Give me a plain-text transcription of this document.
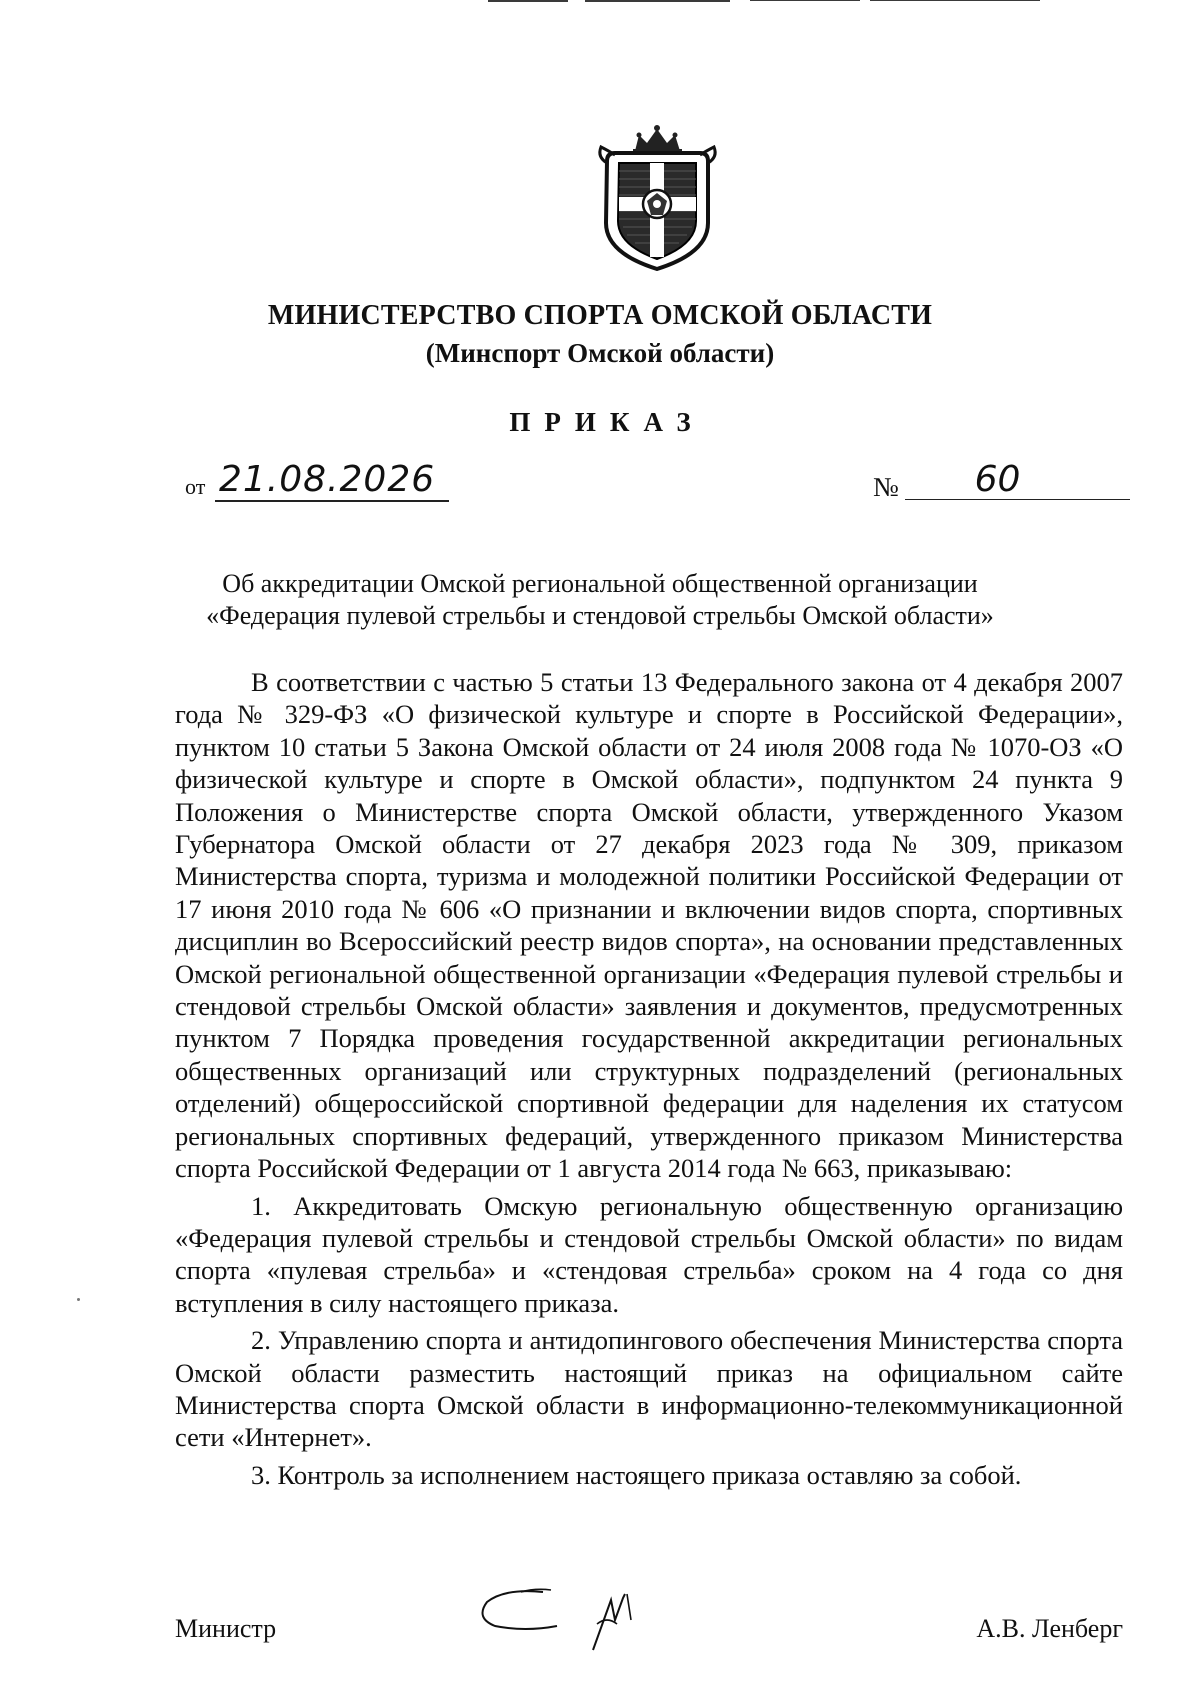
МИНИСТЕРСТВО СПОРТА ОМСКОЙ ОБЛАСТИ
(Минспорт Омской области)
ПРИКАЗ
от 21.08.2026	№	60
Об аккредитации Омской региональной общественной организации
«Федерация пулевой стрельбы и стендовой стрельбы Омской области»

В соответствии с частью 5 статьи 13 Федерального закона от 4 декабря 2007 года № 329-ФЗ «О физической культуре и спорте в Российской Федерации», пунктом 10 статьи 5 Закона Омской области от 24 июля 2008 года № 1070-ОЗ «О физической культуре и спорте в Омской области», подпунктом 24 пункта 9 Положения о Министерстве спорта Омской области, утвержденного Указом Губернатора Омской области от 27 декабря 2023 года № 309, приказом Министерства спорта, туризма и молодежной политики Российской Федерации от 17 июня 2010 года № 606 «О признании и включении видов спорта, спортивных дисциплин во Всероссийский реестр видов спорта», на основании представленных Омской региональной общественной организации «Федерация пулевой стрельбы и стендовой стрельбы Омской области» заявления и документов, предусмотренных пунктом 7 Порядка проведения государственной аккредитации региональных общественных организаций или структурных подразделений (региональных отделений) общероссийской спортивной федерации для наделения их статусом региональных спортивных федераций, утвержденного приказом Министерства спорта Российской Федерации от 1 августа 2014 года № 663, приказываю:

1. Аккредитовать Омскую региональную общественную организацию «Федерация пулевой стрельбы и стендовой стрельбы Омской области» по видам спорта «пулевая стрельба» и «стендовая стрельба» сроком на 4 года со дня вступления в силу настоящего приказа.

2. Управлению спорта и антидопингового обеспечения Министерства спорта Омской области разместить настоящий приказ на официальном сайте Министерства спорта Омской области в информационно-телекоммуникационной сети «Интернет».

3. Контроль за исполнением настоящего приказа оставляю за собой.

Министр	А.В. Ленберг
